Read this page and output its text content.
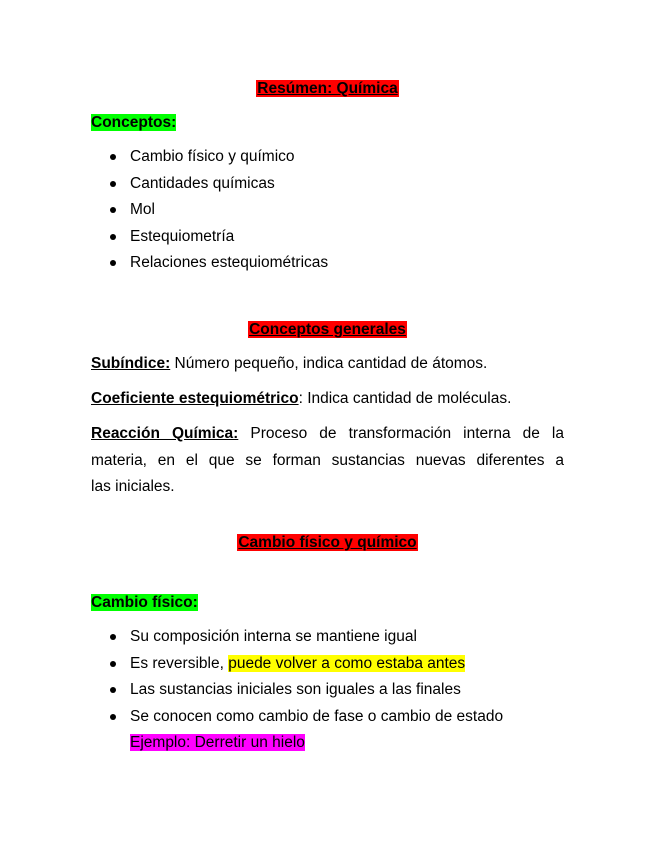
Resúmen: Química
Conceptos:
Cambio físico y químico
Cantidades químicas
Mol
Estequiometría
Relaciones estequiométricas
Conceptos generales
Subíndice: Número pequeño, indica cantidad de átomos.
Coeficiente estequiométrico: Indica cantidad de moléculas.
Reacción Química: Proceso de transformación interna de la
materia, en el que se forman sustancias nuevas diferentes a
las iniciales.
Cambio físico y químico
Cambio físico:
Su composición interna se mantiene igual
Es reversible, puede volver a como estaba antes
Las sustancias iniciales son iguales a las finales
Se conocen como cambio de fase o cambio de estado
Ejemplo: Derretir un hielo
